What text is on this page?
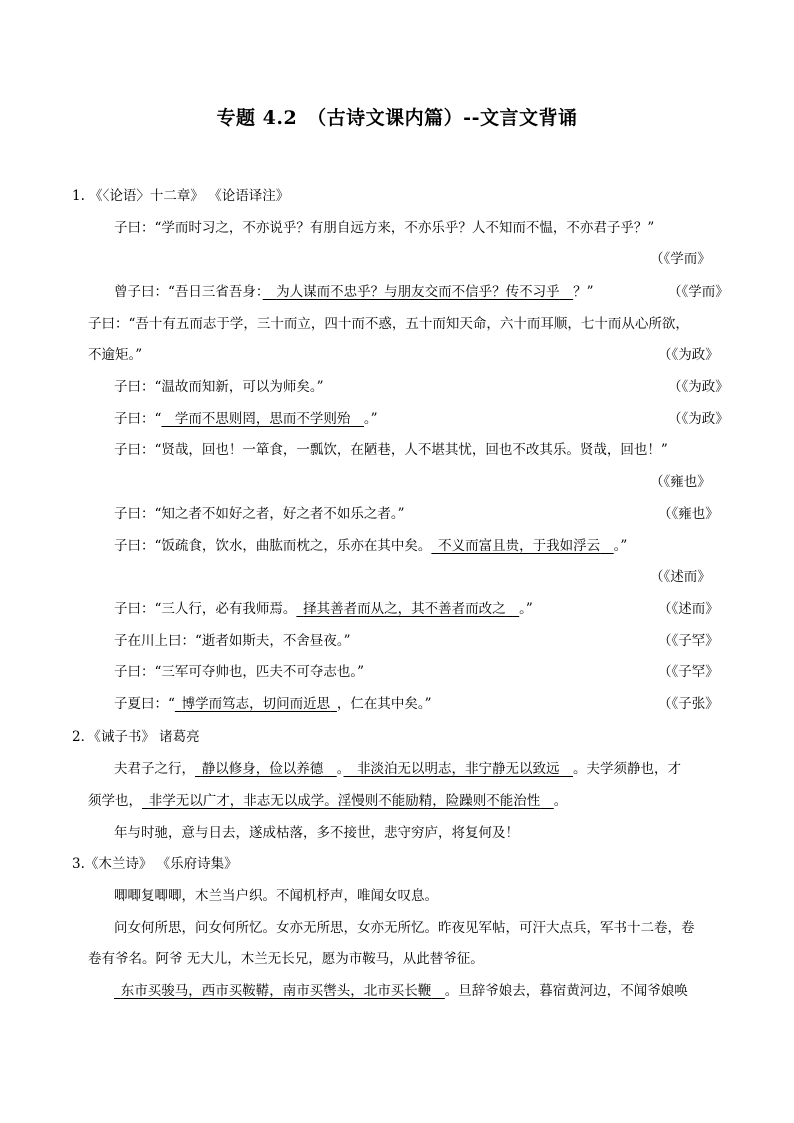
专题 4.2　（古诗文课内篇）--文言文背诵
1. 《〈论语〉十二章》 《论语译注》
子曰：“学而时习之，不亦说乎？有朋自远方来，不亦乐乎？人不知而不愠，不亦君子乎？”
（《学而》
曾子曰：“吾日三省吾身：　 为人谋而不忠乎？与朋友交而不信乎？传不习乎　 ？”	（《学而》
子曰：“吾十有五而志于学，三十而立，四十而不惑，五十而知天命，六十而耳顺，七十而从心所欲，
不逾矩。”	（《为政》
子曰：“温故而知新，可以为师矣。”	（《为政》
子曰：“　 学而不思则罔，思而不学则殆　 。”	（《为政》
子曰：“贤哉，回也！一箪食，一瓢饮，在陋巷，人不堪其忧，回也不改其乐。贤哉，回也！”
（《雍也》
子曰：“知之者不如好之者，好之者不如乐之者。”	（《雍也》
子曰：“饭疏食，饮水，曲肱而枕之，乐亦在其中矣。  不义而富且贵，于我如浮云　 。”
（《述而》
子曰：“三人行，必有我师焉。  择其善者而从之，其不善者而改之　 。”	（《述而》
子在川上曰：“逝者如斯夫，不舍昼夜。”	（《子罕》
子曰：“三军可夺帅也，匹夫不可夺志也。”	（《子罕》
子夏曰：“  博学而笃志，切问而近思  ，仁在其中矣。”	（《子张》
2．《诫子书》 诸葛亮
夫君子之行，  静以修身，俭以养德　 。　 非淡泊无以明志，非宁静无以致远　 。夫学须静也，才
须学也，  非学无以广才，非志无以成学。淫慢则不能励精，险躁则不能治性　 。
年与时驰，意与日去，遂成枯落，多不接世，悲守穷庐，将复何及！
3.《木兰诗》 《乐府诗集》
唧唧复唧唧，木兰当户织。不闻机杼声，唯闻女叹息。
问女何所思，问女何所忆。女亦无所思，女亦无所忆。昨夜见军帖，可汗大点兵，军书十二卷，卷
卷有爷名。阿爷 无大儿，木兰无长兄，愿为市鞍马，从此替爷征。
 东市买骏马，西市买鞍鞯，南市买辔头，北市买长鞭　 。旦辞爷娘去，暮宿黄河边，不闻爷娘唤
